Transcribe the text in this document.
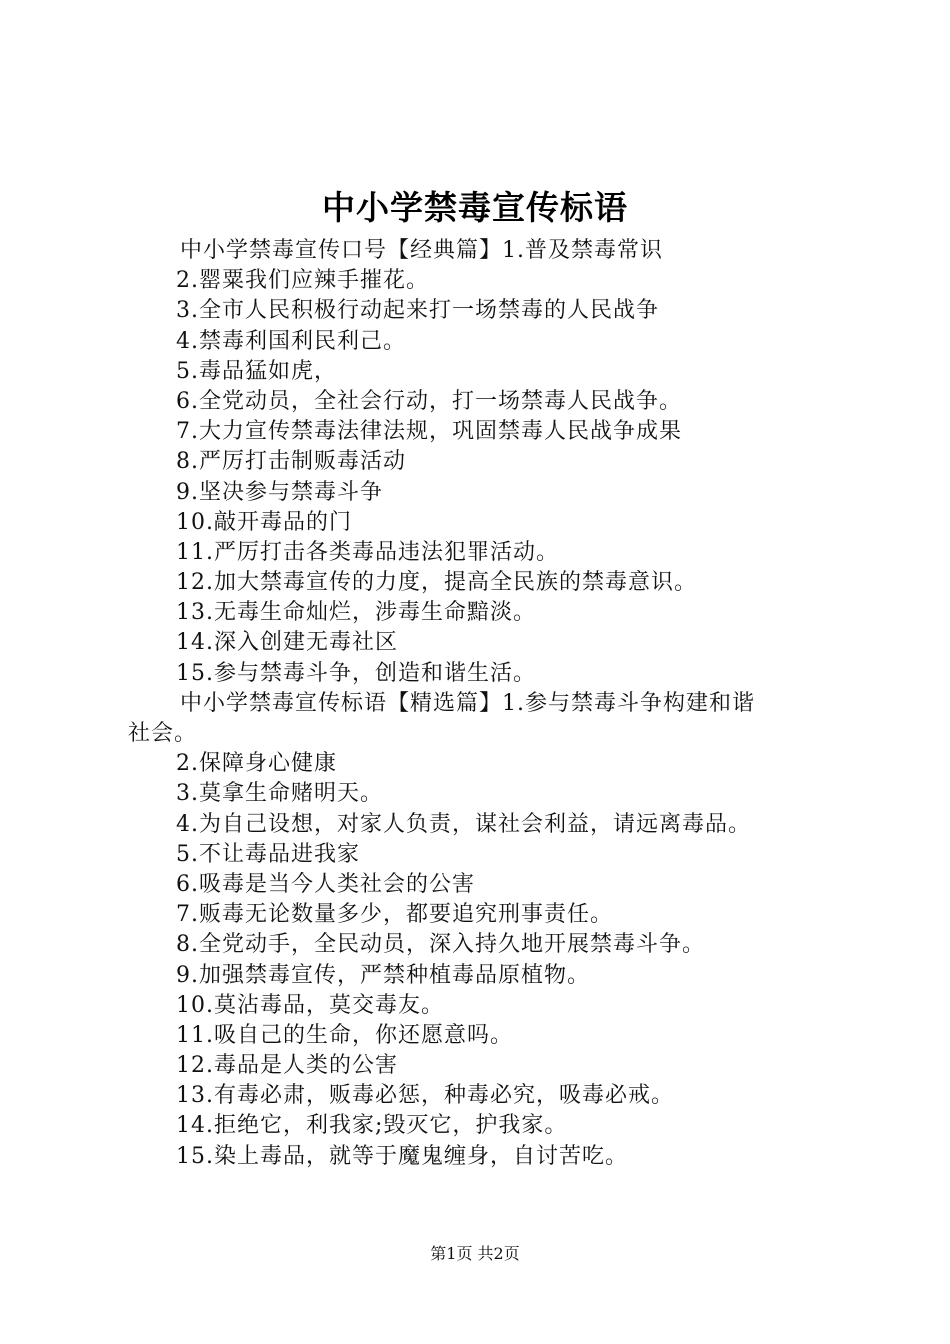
中小学禁毒宣传标语
中小学禁毒宣传口号【经典篇】1.普及禁毒常识
2.罂粟我们应辣手摧花。
3.全市人民积极行动起来打一场禁毒的人民战争
4.禁毒利国利民利己。
5.毒品猛如虎，
6.全党动员，全社会行动，打一场禁毒人民战争。
7.大力宣传禁毒法律法规，巩固禁毒人民战争成果
8.严厉打击制贩毒活动
9.坚决参与禁毒斗争
10.敲开毒品的门
11.严厉打击各类毒品违法犯罪活动。
12.加大禁毒宣传的力度，提高全民族的禁毒意识。
13.无毒生命灿烂，涉毒生命黯淡。
14.深入创建无毒社区
15.参与禁毒斗争，创造和谐生活。
中小学禁毒宣传标语【精选篇】1.参与禁毒斗争构建和谐
社会。
2.保障身心健康
3.莫拿生命赌明天。
4.为自己设想，对家人负责，谋社会利益，请远离毒品。
5.不让毒品进我家
6.吸毒是当今人类社会的公害
7.贩毒无论数量多少，都要追究刑事责任。
8.全党动手，全民动员，深入持久地开展禁毒斗争。
9.加强禁毒宣传，严禁种植毒品原植物。
10.莫沾毒品，莫交毒友。
11.吸自己的生命，你还愿意吗。
12.毒品是人类的公害
13.有毒必肃，贩毒必惩，种毒必究，吸毒必戒。
14.拒绝它，利我家;毁灭它，护我家。
15.染上毒品，就等于魔鬼缠身，自讨苦吃。
第1页 共2页
